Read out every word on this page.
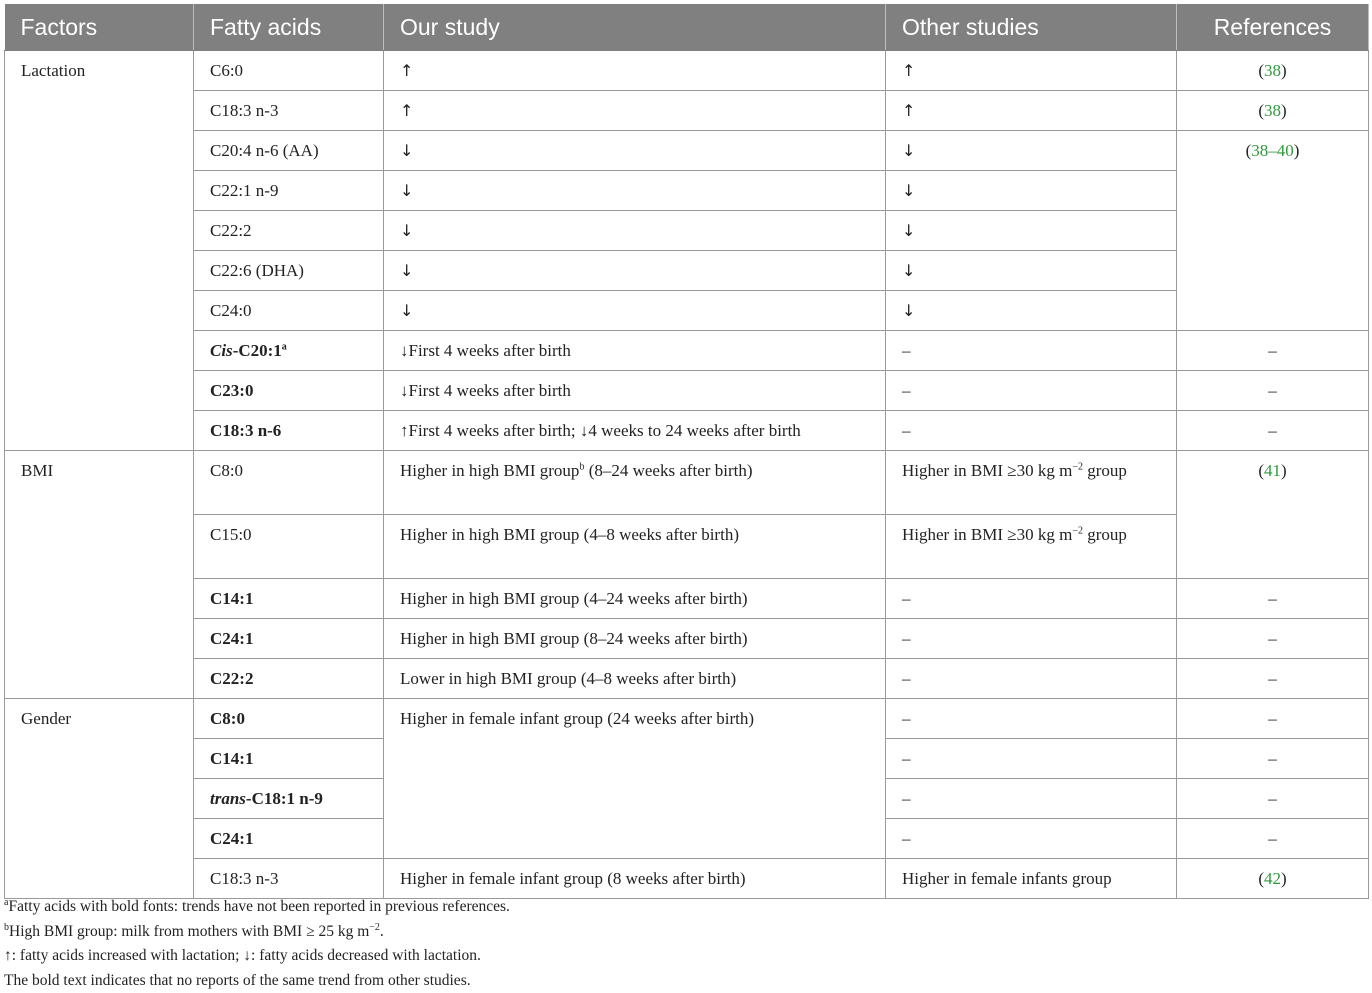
Factors	Fatty acids	Our study	Other studies	References
Lactation	C6:0	↑	↑	(38)
	C18:3 n-3	↑	↑	(38)
	C20:4 n-6 (AA)	↓	↓	(38–40)
	C22:1 n-9	↓	↓	
	C22:2	↓	↓	
	C22:6 (DHA)	↓	↓	
	C24:0	↓	↓	
	Cis-C20:1$^a$	↓First 4 weeks after birth	–	–
	C23:0	↓First 4 weeks after birth	–	–
	C18:3 n-6	↑First 4 weeks after birth; ↓4 weeks to 24 weeks after birth	–	–
BMI	C8:0	Higher in high BMI group$^b$ (8–24 weeks after birth)	Higher in BMI ≥30 kg $m^{-2}$ group	(41)
	C15:0	Higher in high BMI group (4–8 weeks after birth)	Higher in BMI ≥30 kg $m^{-2}$ group	
	C14:1	Higher in high BMI group (4–24 weeks after birth)	–	–
	C24:1	Higher in high BMI group (8–24 weeks after birth)	–	–
	C22:2	Lower in high BMI group (4–8 weeks after birth)	–	–
Gender	C8:0	Higher in female infant group (24 weeks after birth)	–	–
	C14:1		–	–
	trans-C18:1 n-9		–	–
	C24:1		–	–
	C18:3 n-3	Higher in female infant group (8 weeks after birth)	Higher in female infants group	(42)
$^a$Fatty acids with bold fonts: trends have not been reported in previous references.
$^b$High BMI group: milk from mothers with BMI ≥ 25 kg $m^{-2}$.
↑: fatty acids increased with lactation; ↓: fatty acids decreased with lactation.
The bold text indicates that no reports of the same trend from other studies.
